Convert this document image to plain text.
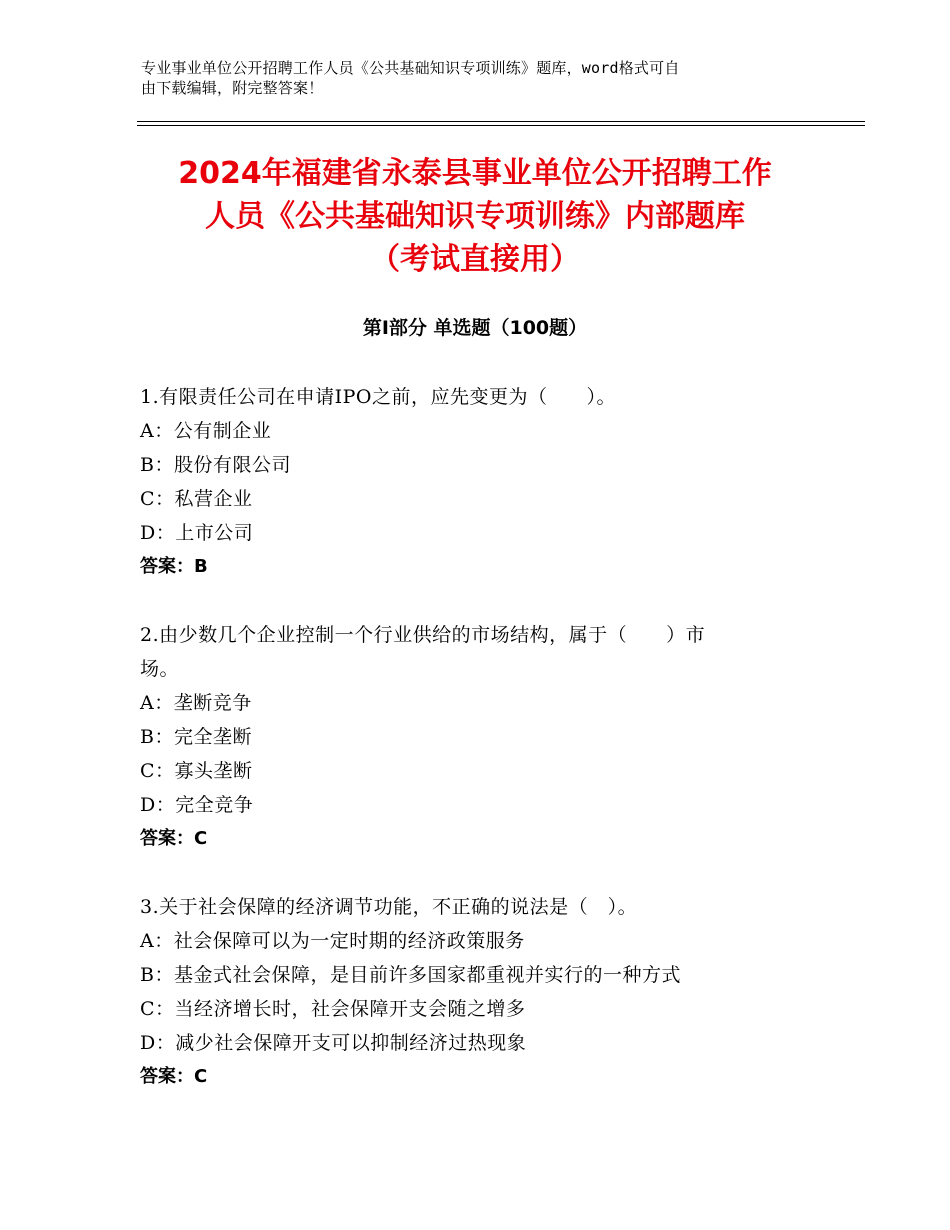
专业事业单位公开招聘工作人员《公共基础知识专项训练》题库，word格式可自
由下载编辑，附完整答案！
2024年福建省永泰县事业单位公开招聘工作
人员《公共基础知识专项训练》内部题库
（考试直接用）
第Ⅰ部分 单选题（100题）
1.有限责任公司在申请IPO之前，应先变更为（　　）。
A：公有制企业
B：股份有限公司
C：私营企业
D：上市公司
答案：B
2.由少数几个企业控制一个行业供给的市场结构，属于（　　）市
场。
A：垄断竞争
B：完全垄断
C：寡头垄断
D：完全竞争
答案：C
3.关于社会保障的经济调节功能，不正确的说法是（　）。
A：社会保障可以为一定时期的经济政策服务
B：基金式社会保障，是目前许多国家都重视并实行的一种方式
C：当经济增长时，社会保障开支会随之增多
D：减少社会保障开支可以抑制经济过热现象
答案：C
